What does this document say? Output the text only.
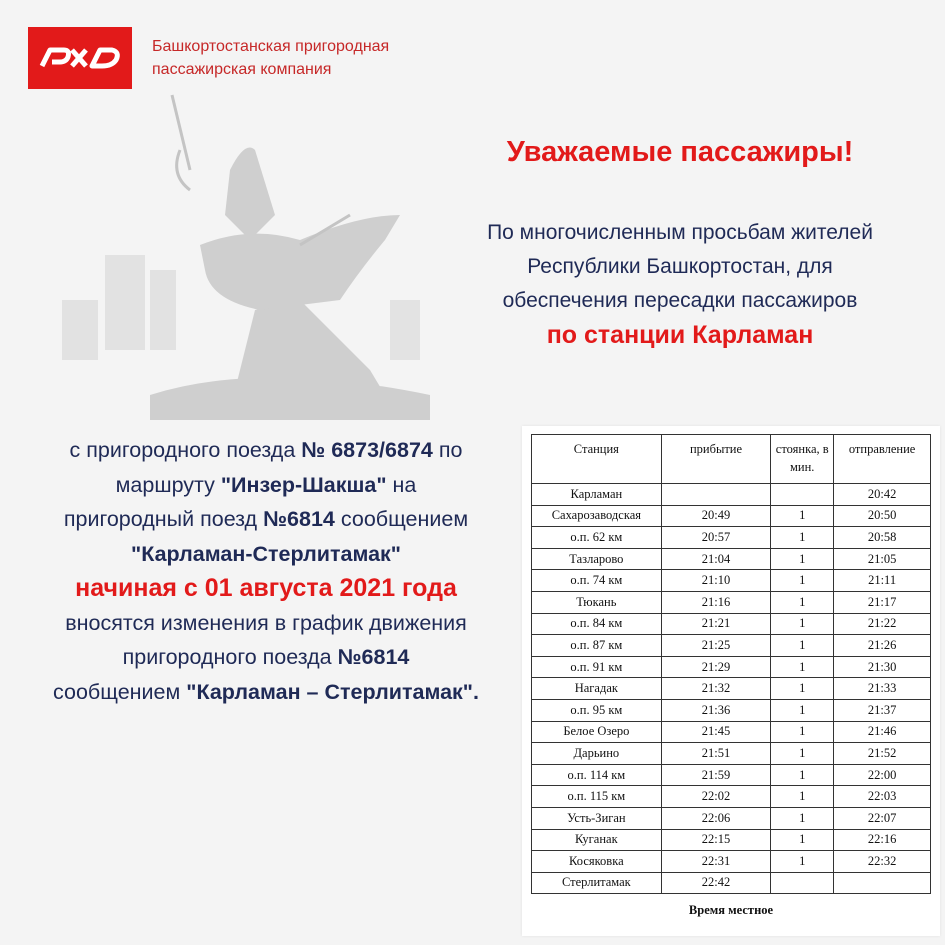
Башкортостанская пригородная
пассажирская компания
Уважаемые пассажиры!
По многочисленным просьбам жителей
Республики Башкортостан, для
обеспечения пересадки пассажиров
по станции Карламан
с пригородного поезда № 6873/6874 по
маршруту "Инзер-Шакша" на
пригородный поезд №6814 сообщением
"Карламан-Стерлитамак"
начиная с 01 августа 2021 года
вносятся изменения в график движения
пригородного поезда №6814
сообщением "Карламан – Стерлитамак".
Станция	прибытие	стоянка, в мин.	отправление
Карламан			20:42
Сахарозаводская	20:49	1	20:50
о.п. 62 км	20:57	1	20:58
Тазларово	21:04	1	21:05
о.п. 74 км	21:10	1	21:11
Тюкань	21:16	1	21:17
о.п. 84 км	21:21	1	21:22
о.п. 87 км	21:25	1	21:26
о.п. 91 км	21:29	1	21:30
Нагадак	21:32	1	21:33
о.п. 95 км	21:36	1	21:37
Белое Озеро	21:45	1	21:46
Дарьино	21:51	1	21:52
о.п. 114 км	21:59	1	22:00
о.п. 115 км	22:02	1	22:03
Усть-Зиган	22:06	1	22:07
Куганак	22:15	1	22:16
Косяковка	22:31	1	22:32
Стерлитамак	22:42		
Время местное
